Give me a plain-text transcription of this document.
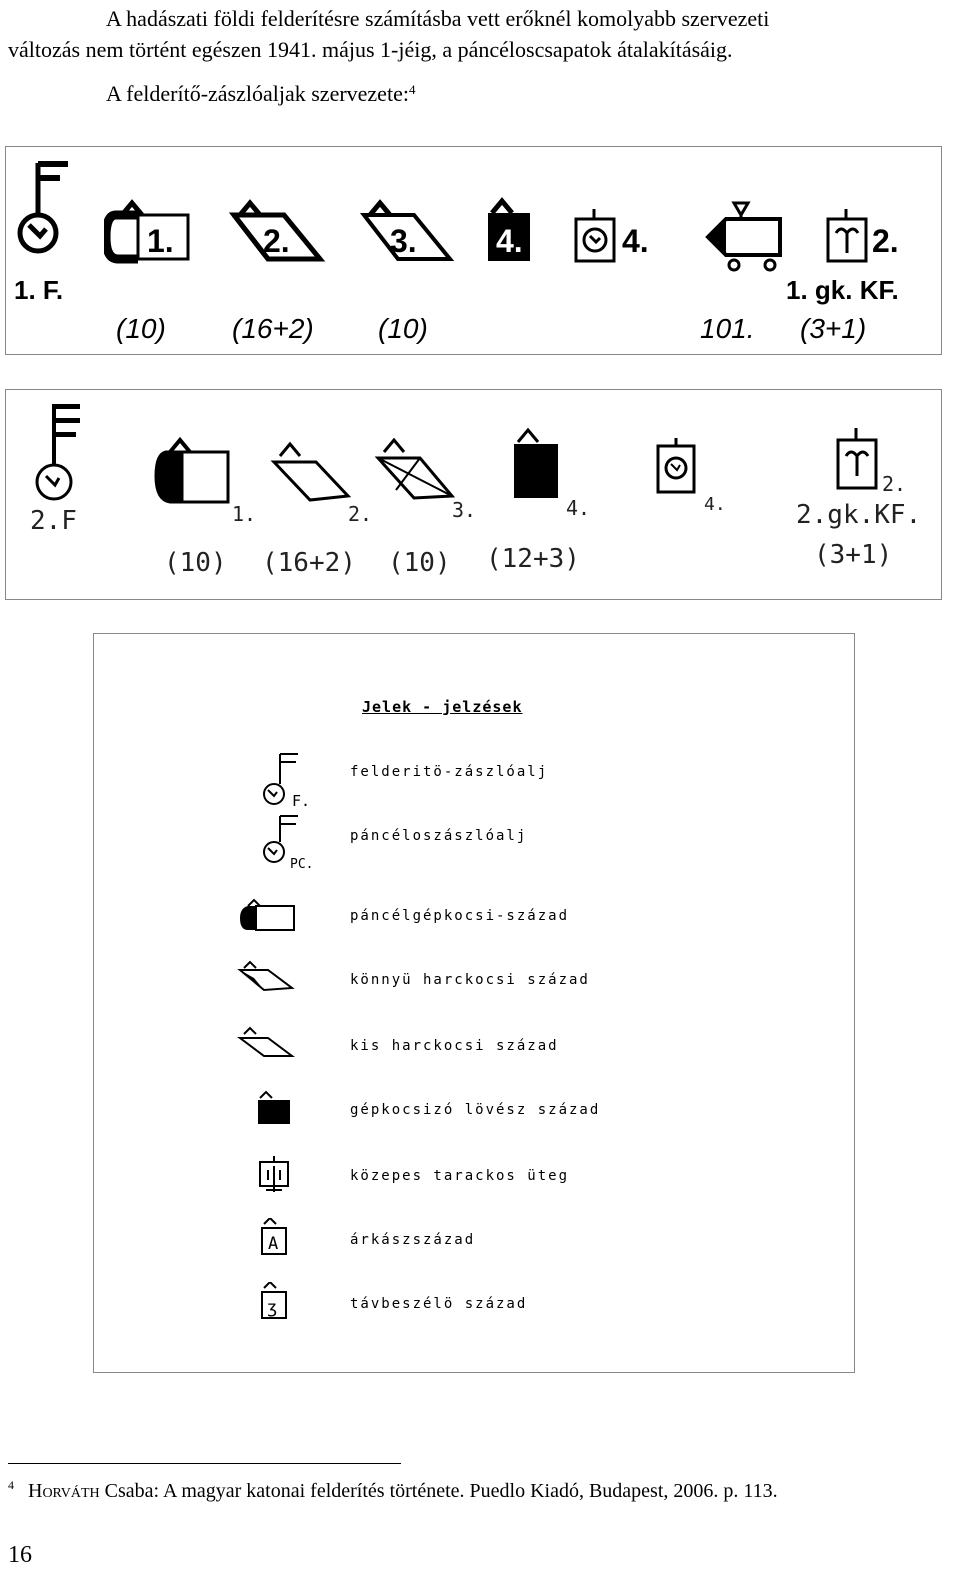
A hadászati földi felderítésre számításba vett erőknél komolyabb szervezeti
változás nem történt egészen 1941. május 1-jéig, a páncéloscsapatok átalakításáig.
A felderítő-zászlóaljak szervezete:$^4$
1. F.
1.	2.	3. 4.	4.	2.
1. gk. KF.
(10) (16+2) (10)	101. (3+1)
2.F	1.	2.	3.	4.	4.
2.
2.gk.KF.
(10) (16+2) (10) (12+3)	(3+1)
Jelek - jelzések
F.
felderitö-zászlóalj
PC.
páncéloszászlóalj
páncélgépkocsi-század
könnyü harckocsi század
kis harckocsi század
gépkocsizó lövész század
közepes tarackos üteg
A	árkászszázad
ʒ	távbeszélö század
$^4$ Horváth Csaba: A magyar katonai felderítés története. Puedlo Kiadó, Budapest, 2006. p. 113.
16
